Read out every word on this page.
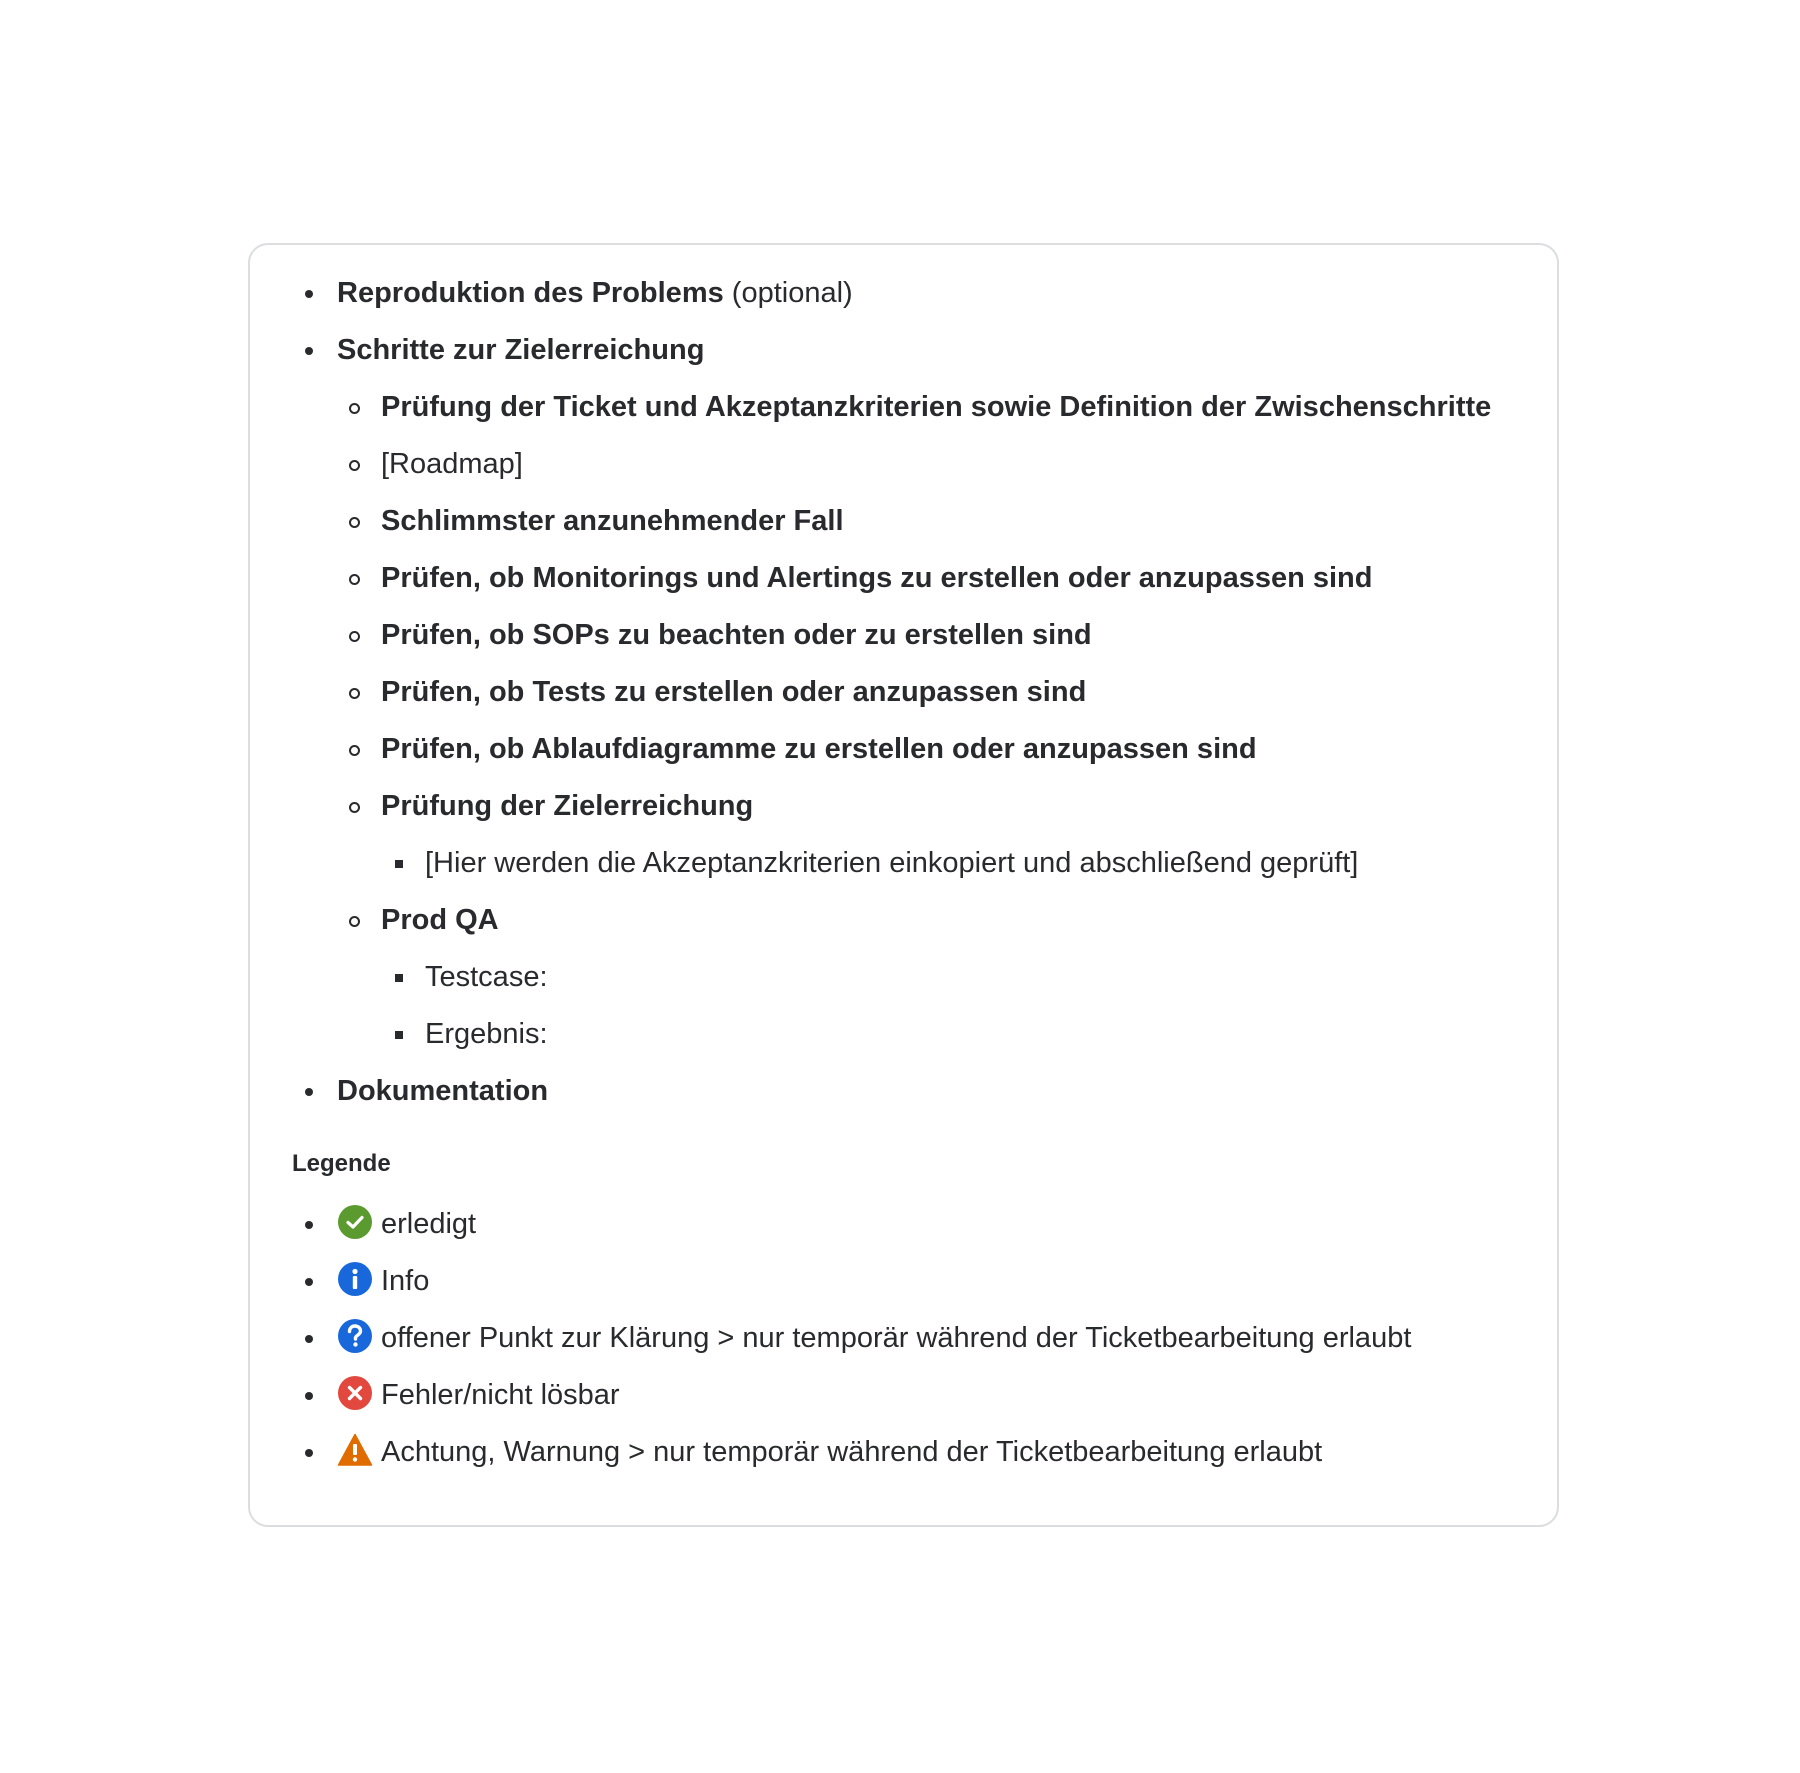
Reproduktion des Problems (optional)
Schritte zur Zielerreichung
Prüfung der Ticket und Akzeptanzkriterien sowie Definition der Zwischenschritte
[Roadmap]
Schlimmster anzunehmender Fall
Prüfen, ob Monitorings und Alertings zu erstellen oder anzupassen sind
Prüfen, ob SOPs zu beachten oder zu erstellen sind
Prüfen, ob Tests zu erstellen oder anzupassen sind
Prüfen, ob Ablaufdiagramme zu erstellen oder anzupassen sind
Prüfung der Zielerreichung
[Hier werden die Akzeptanzkriterien einkopiert und abschließend geprüft]
Prod QA
Testcase:
Ergebnis:
Dokumentation
Legende
erledigt
Info
offener Punkt zur Klärung > nur temporär während der Ticketbearbeitung erlaubt
Fehler/nicht lösbar
Achtung, Warnung > nur temporär während der Ticketbearbeitung erlaubt
